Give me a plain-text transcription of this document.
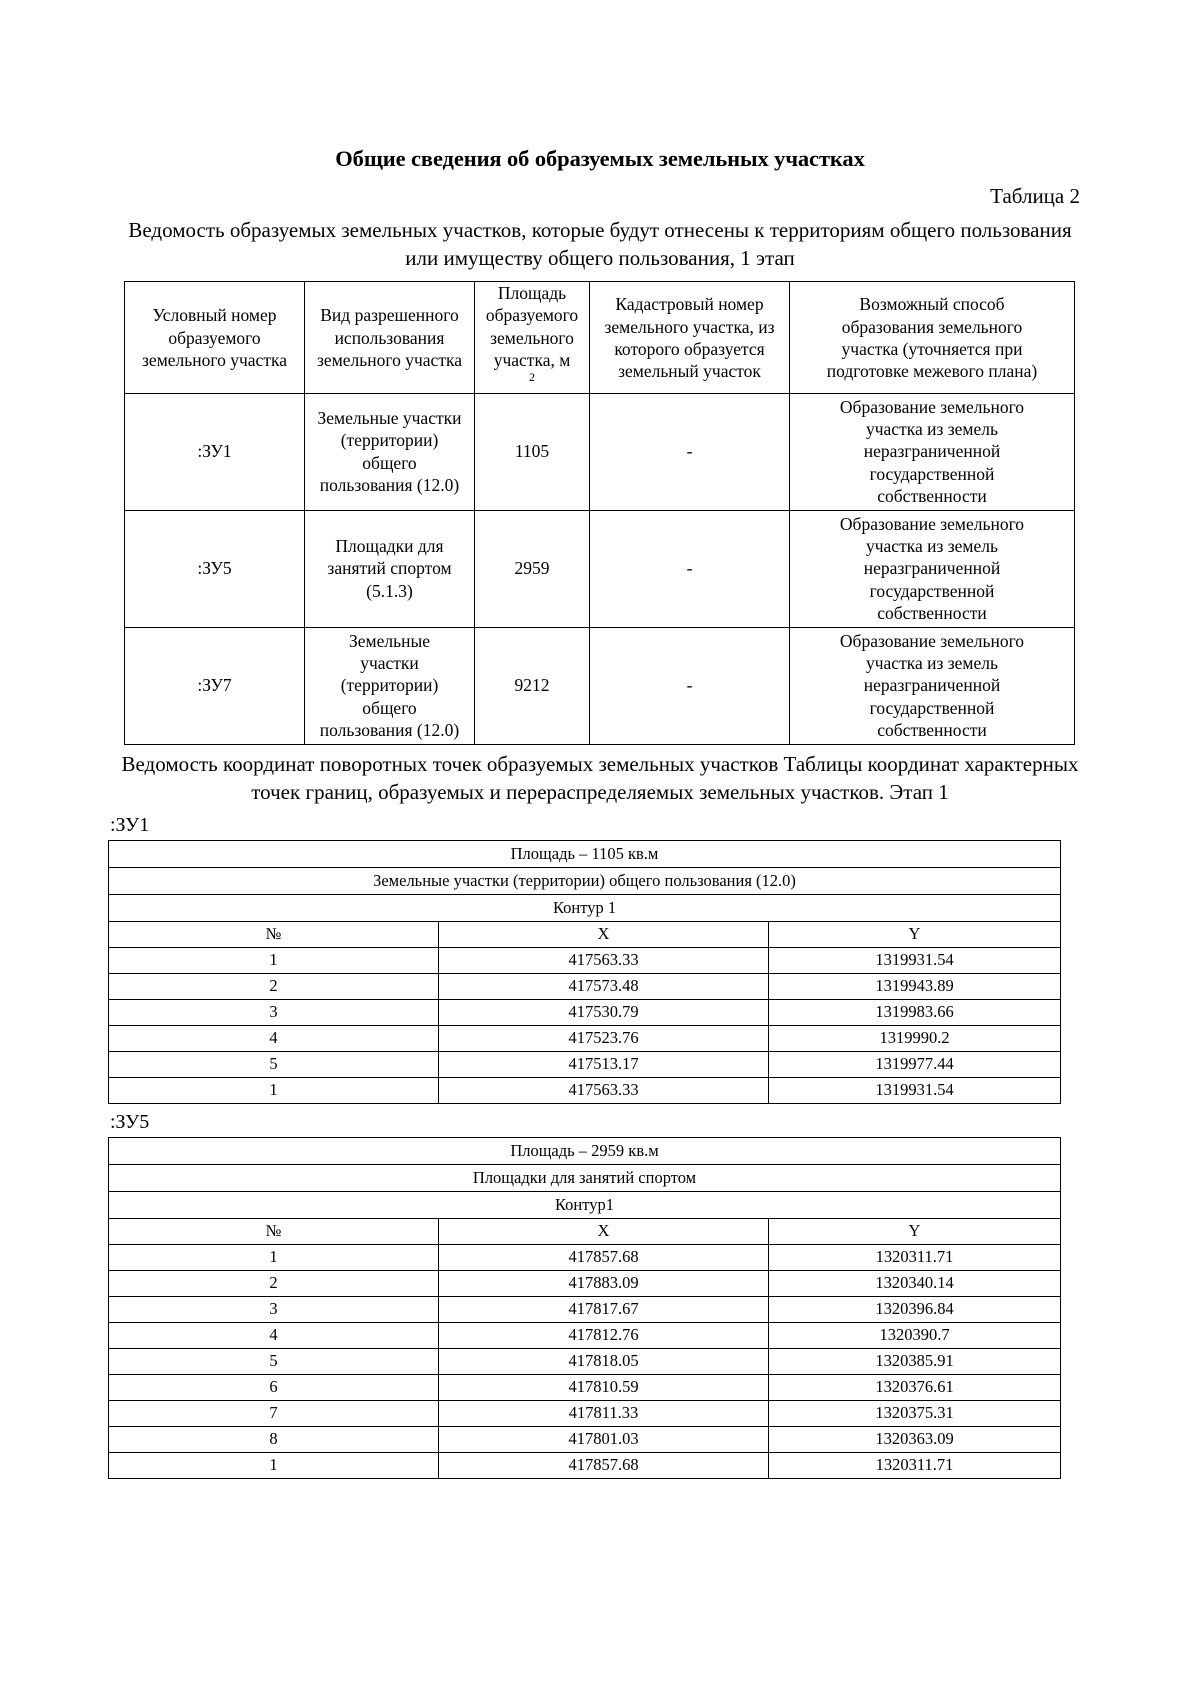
Общие сведения об образуемых земельных участках
Таблица 2
Ведомость образуемых земельных участков, которые будут отнесены к территориям общего пользования или имуществу общего пользования, 1 этап
Условный номер
образуемого
земельного участка	Вид разрешенного
использования
земельного участка	Площадь
образуемого
земельного
участка, м
$^2$	Кадастровый номер
земельного участка, из
которого образуется
земельный участок	Возможный способ
образования земельного
участка (уточняется при
подготовке межевого плана)

:ЗУ1	Земельные участки
(территории)
общего
пользования (12.0)	1105	-	Образование земельного
участка из земель
неразграниченной
государственной
собственности

:ЗУ5	Площадки для
занятий спортом
(5.1.3)	2959	-	Образование земельного
участка из земель
неразграниченной
государственной
собственности

:ЗУ7	Земельные
участки
(территории)
общего
пользования (12.0)	9212	-	Образование земельного
участка из земель
неразграниченной
государственной
собственности
Ведомость координат поворотных точек образуемых земельных участков Таблицы координат характерных точек границ, образуемых и перераспределяемых земельных участков. Этап 1
:ЗУ1
Площадь – 1105 кв.м		
Земельные участки (территории) общего пользования (12.0)		
Контур 1		
№	X	Y
1	417563.33	1319931.54
2	417573.48	1319943.89
3	417530.79	1319983.66
4	417523.76	1319990.2
5	417513.17	1319977.44
1	417563.33	1319931.54
:ЗУ5
Площадь – 2959 кв.м		
Площадки для занятий спортом		
Контур1		
№	X	Y
1	417857.68	1320311.71
2	417883.09	1320340.14
3	417817.67	1320396.84
4	417812.76	1320390.7
5	417818.05	1320385.91
6	417810.59	1320376.61
7	417811.33	1320375.31
8	417801.03	1320363.09
1	417857.68	1320311.71
